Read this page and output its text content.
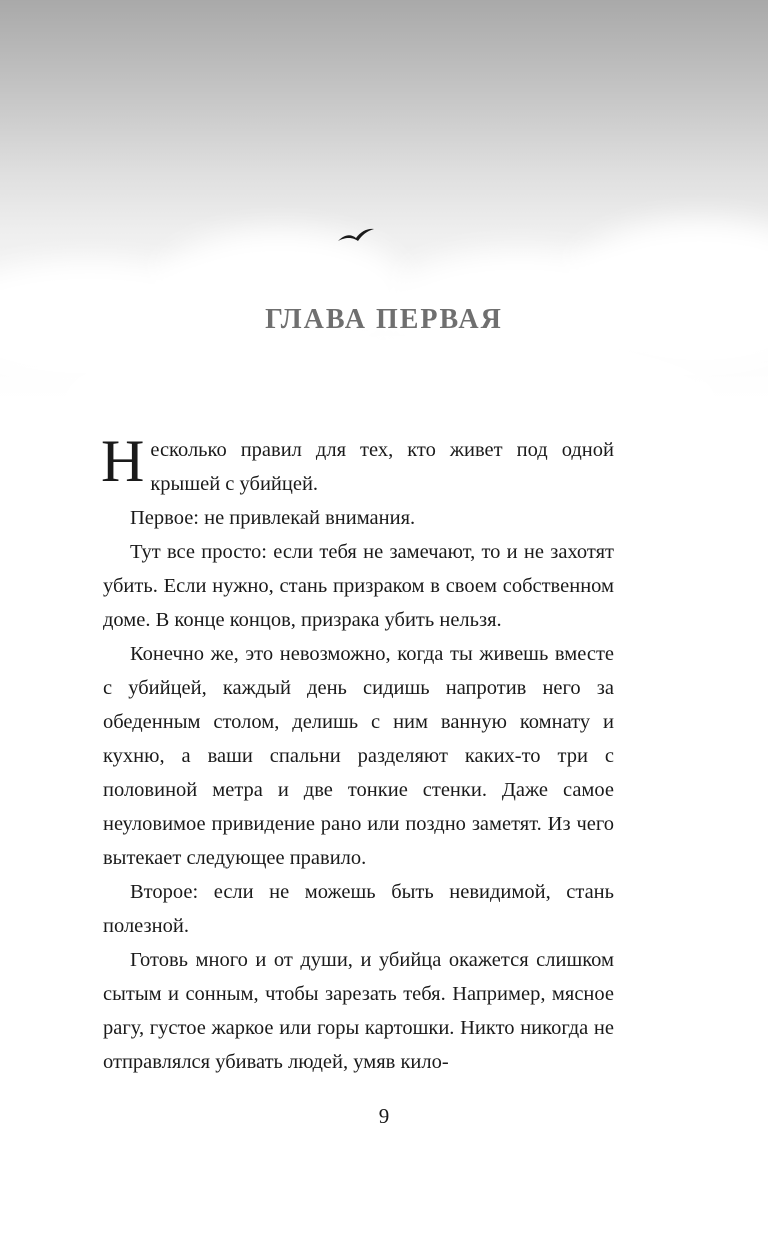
ГЛАВА ПЕРВАЯ

Несколько правил для тех, кто живет под одной крышей с убийцей.

Первое: не привлекай внимания.

Тут все просто: если тебя не замечают, то и не захотят убить. Если нужно, стань призраком в своем собственном доме. В конце концов, призрака убить нельзя.

Конечно же, это невозможно, когда ты живешь вместе с убийцей, каждый день сидишь напротив него за обеденным столом, делишь с ним ванную комнату и кухню, а ваши спальни разделяют каких-то три с половиной метра и две тонкие стенки. Даже самое неуловимое привидение рано или поздно заметят. Из чего вытекает следующее правило.

Второе: если не можешь быть невидимой, стань полезной.

Готовь много и от души, и убийца окажется слишком сытым и сонным, чтобы зарезать тебя. Например, мясное рагу, густое жаркое или горы картошки. Никто никогда не отправлялся убивать людей, умяв кило-

9
